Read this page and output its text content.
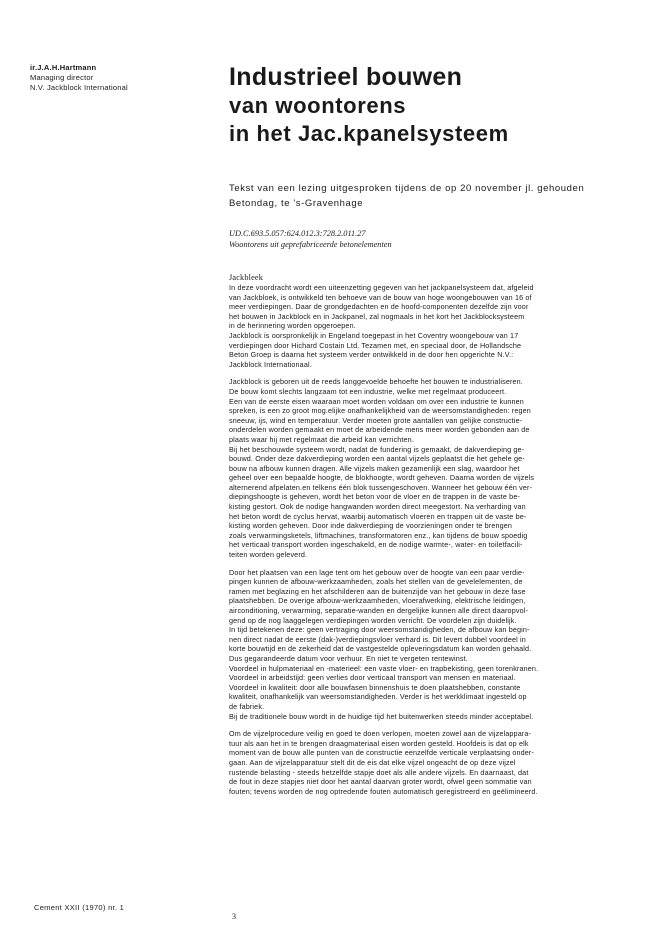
ir.J.A.H.Hartmann
Managing director
N.V. Jackblock International	Industrieel bouwen
van woontorens
in het Jac.kpanelsysteem
Tekst van een lezing uitgesproken tijdens de op 20 november jl. gehouden
Betondag, te 's-Gravenhage
UD.C.693.5.057:624.012.3:728.2.011.27
Woontorens uit geprefabriceerde betonelementen
Jackbleek
In deze voordracht wordt een uiteenzetting gegeven van het jackpanelsysteem dat, afgeleid
van Jackbloek, is ontwikkeld ten behoeve van de bouw van hoge woongebouwen van 16 of
meer verdiepingen. Daar de grondgedachten en de hoofd-componenten dezelfde zijn voor
het bouwen in Jackblock en in Jackpanel, zal nogmaals in het kort het Jackblocksysteem
in de herinnering worden opgeroepen.
Jackblock is oorspronkelijk in Engeland toegepast in het Coventry woongebouw van 17
verdiepingen door Hichard Costain Ltd. Tezamen met, en speciaal door, de Hollandsche
Beton Groep is daarna het systeem verder ontwikkeld in de door hen opgerichte N.V.:
Jackblock Internationaal.
Jackblock is geboren uit de reeds langgevoelde behoefte het bouwen te industrialiseren.
De bouw komt slechts langzaam tot een industrie, welke met regelmaat produceert.
Een van de eerste eisen waaraan moet worden voldaan om over een industrie te kunnen
spreken, is een zo groot mog.elijke onafhankelijkheid van de weersomstandigheden: regen
sneeuw, ijs, wind en temperatuur. Verder moeten grote aantallen van gelijke constructie-
onderdelen worden gemaakt en moet de arbeidende mens meer worden gebonden aan de
plaats waar hij met regelmaat die arbeid kan verrichten.
Bij het beschouwde systeem wordt, nadat de fundering is gemaakt, de dakverdieping ge-
bouwd. Onder deze dakverdieping worden een aantal vijzels geplaatst die het gehele ge-
bouw na afbouw kunnen dragen. Alle vijzels maken gezamenlijk een slag, waardoor het
geheel over een bepaalde hoogte, de blokhoogte, wordt geheven. Daarna worden de vijzels
alternerend afpelaten.en telkens één blok tussengeschoven. Wanneer het gebouw één ver-
diepingshoogte is geheven, wordt het beton voor de vloer en de trappen in de vaste be-
kisting gestort. Ook de nodige hangwanden worden direct meegestort. Na verharding van
het beton wordt de cyclus hervat, waarbij automatisch vloeren en trappen uit de vaste be-
kisting worden geheven. Door inde dakverdieping de voorzieningen onder te brengen
zoals verwarmingsketels, liftmachines, transformatoren enz., kan tijdens de bouw spoedig
het verticaal transport worden ingeschakeld, en de nodige warmte-, water- en toiletfacili-
teiten worden geleverd.
Door het plaatsen van een lage tent om het gebouw over de hoogte van een paar verdie-
pingen kunnen de afbouw-werkzaamheden, zoals het stellen van de gevelelementen, de
ramen met beglazing en het afschilderen aan de buitenzijde van het gebouw in deze fase
plaatshebben. De overige afbouw-werkzaamheden, vloerafwerking, elektrische leidingen,
airconditioning, verwarming, separatie-wanden en dergelijke kunnen alle direct daaropvol-
gend op de nog laaggelegen verdiepingen worden verricht. De voordelen zijn duidelijk.
In tijd betekenen deze: geen vertraging door weersomstandigheden, de afbouw kan begin-
nen direct nadat de eerste (dak-)verdiepingsvloer verhard is. Dit levert dubbel voordeel in
korte bouwtijd en de zekerheid dat de vastgestelde opleveringsdatum kan worden gehaald.
Dus gegarandeerde datum voor verhuur. En niet te vergeten rentewinst.
Voordeel in hulpmateriaal en -materieel: een vaste vloer- en trapbekisting, geen torenkranen.
Voordeel in arbeidstijd: geen verlies door verticaal transport van mensen en materiaal.
Voordeel in kwaliteit: door alle bouwfasen binnenshuis te doen plaatshebben, constante
kwaliteit, onafhankelijk van weersomstandigheden. Verder is het werkklimaat ingesteld op
de fabriek.
Bij de traditionele bouw wordt in de huidige tijd het buitenwerken steeds minder acceptabel.
Om de vijzelprocedure veilig en goed te doen verlopen, moeten zowel aan de vijzelappara-
tuur als aan het in te brengen draagmateriaal eisen worden gesteld. Hoofdeis is dat op elk
moment van de bouw alle punten van de constructie eenzelfde verticale verplaatsing onder-
gaan. Aan de vijzelapparatuur stelt dit de eis dat elke vijzel ongeacht de op deze vijzel
rustende belasting - steeds hetzelfde stapje doet als alle andere vijzels. En daarnaast, dat
de fout in deze stapjes niet door het aantal daarvan groter wordt, ofwel geen sommatie van
fouten; tevens worden de nog optredende fouten automatisch geregistreerd en geëlimineerd.
Cement XXII (1970) nr. 1
3
